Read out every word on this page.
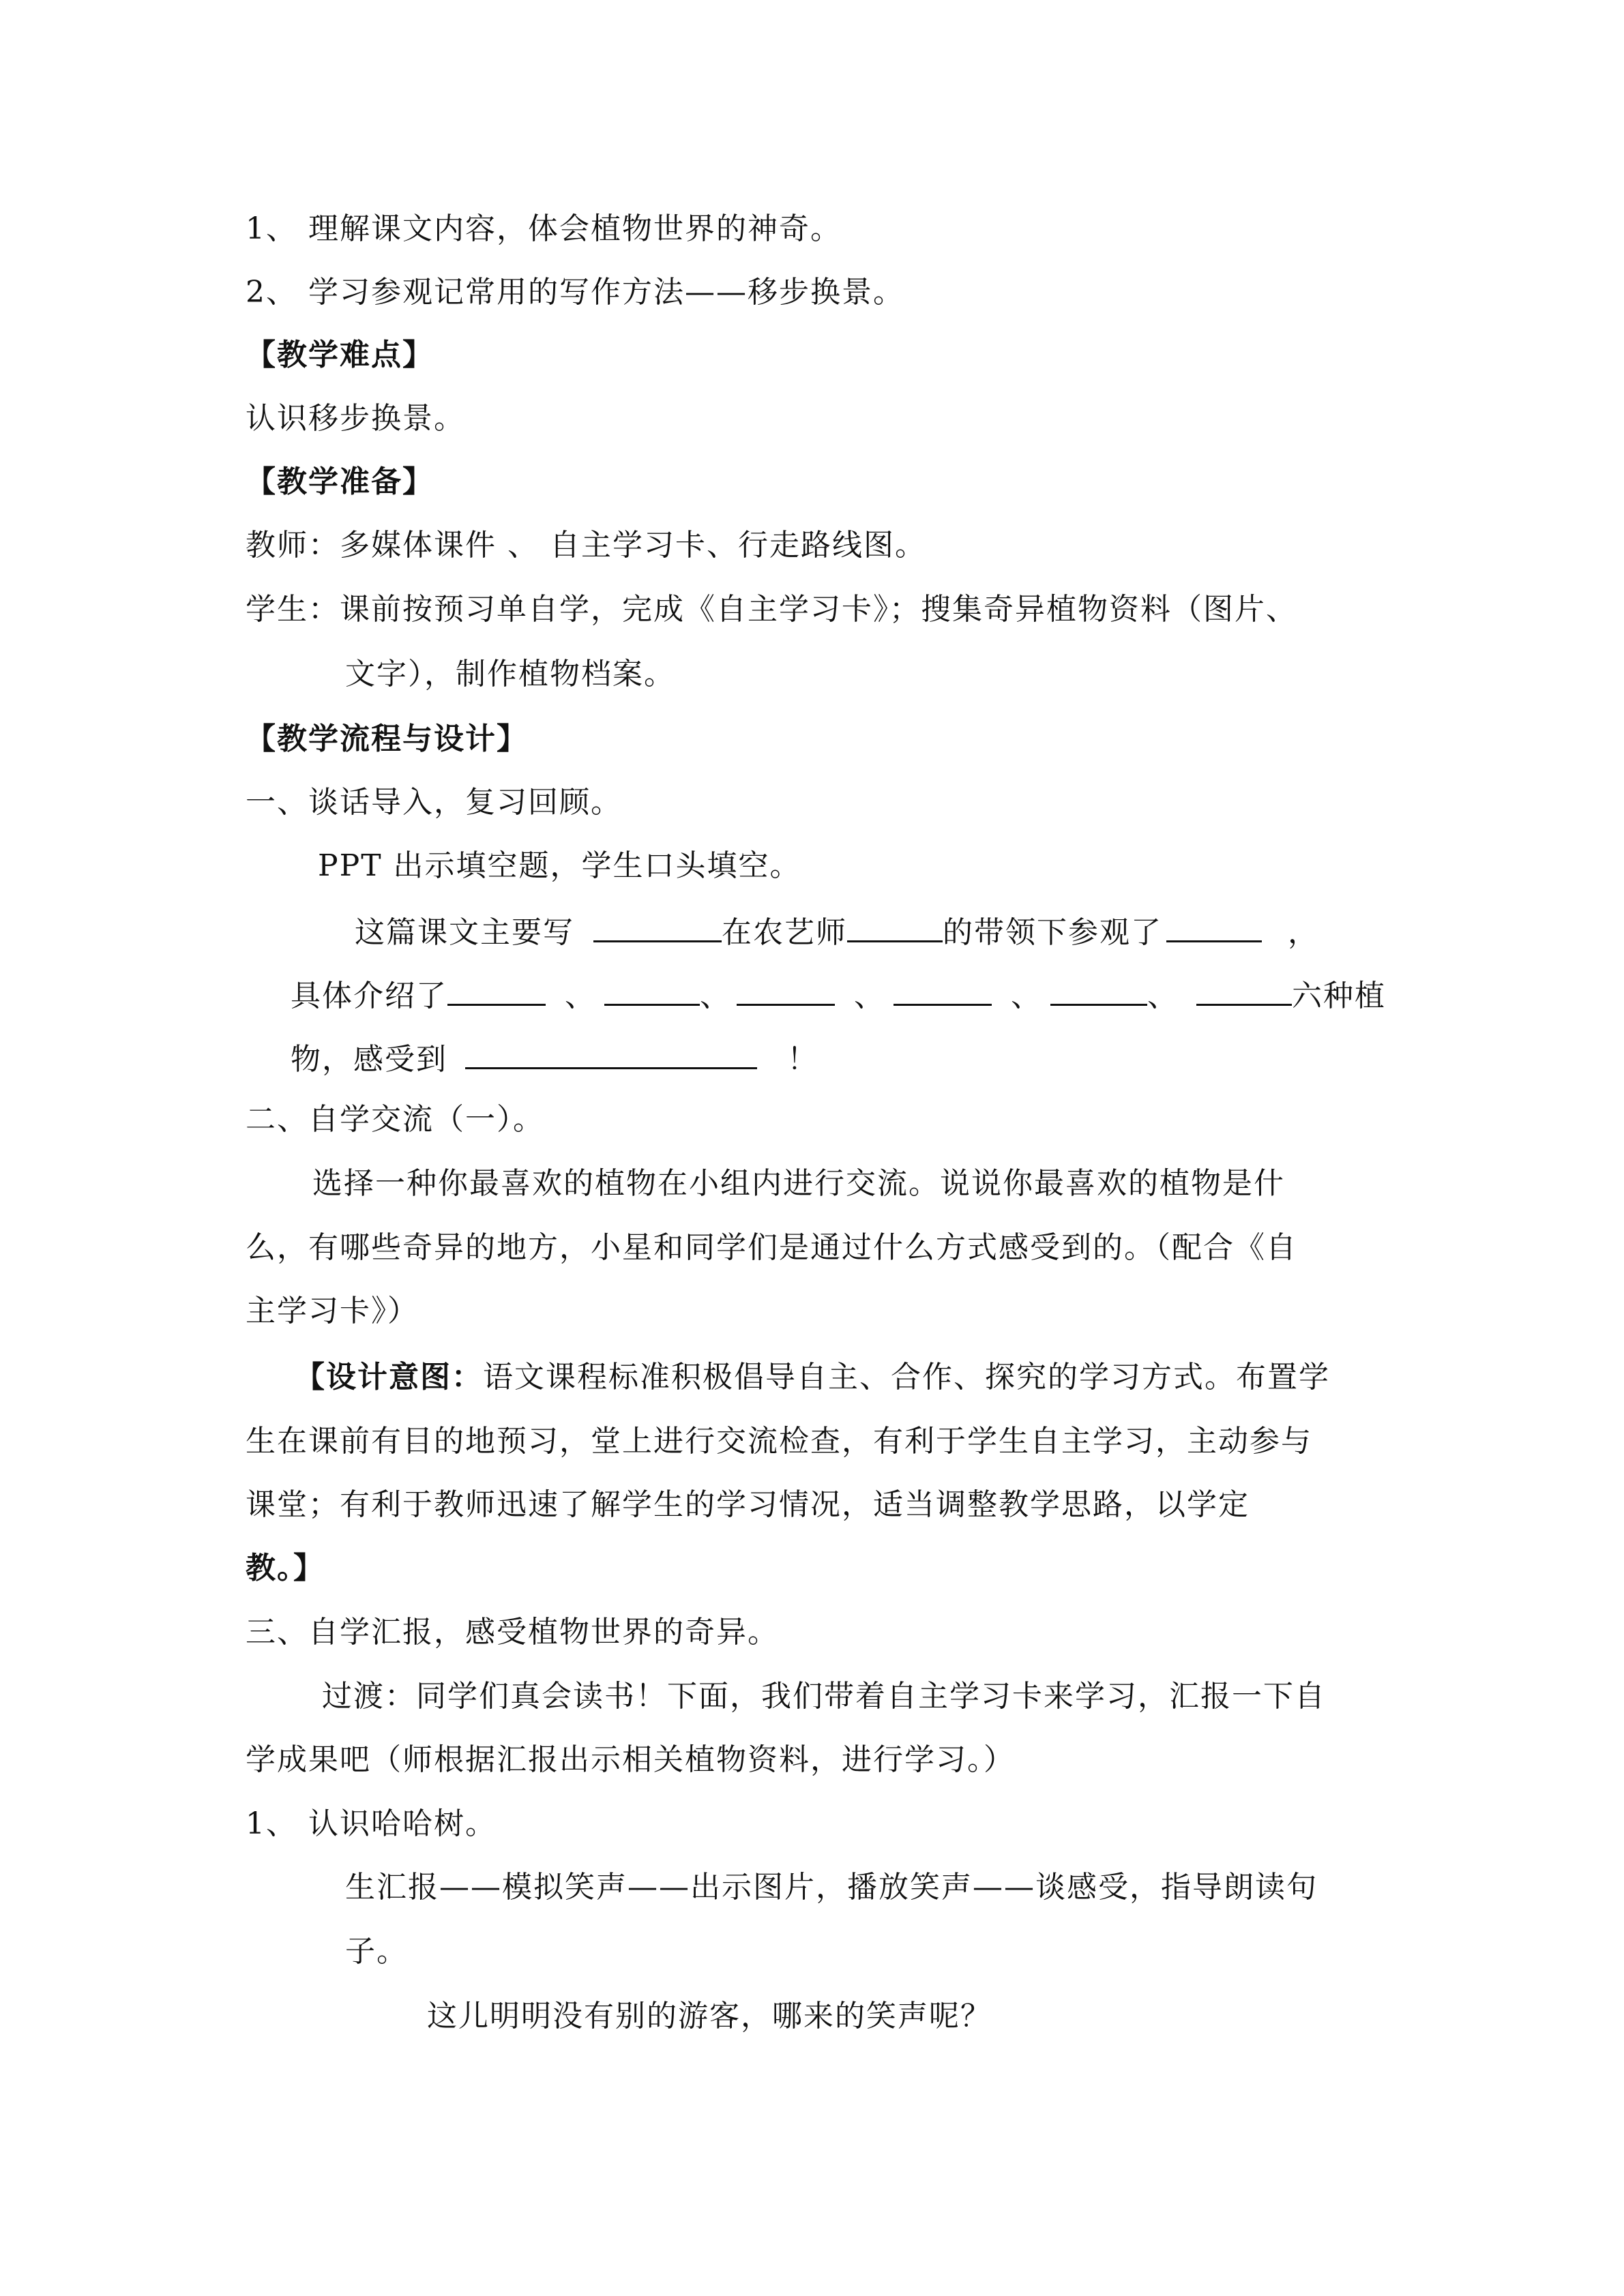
1、 理解课文内容，体会植物世界的神奇。
2、 学习参观记常用的写作方法——移步换景。
【教学难点】
认识移步换景。
【教学准备】
教师：多媒体课件 、 自主学习卡、行走路线图。
学生：课前按预习单自学，完成《自主学习卡》；搜集奇异植物资料（图片、
文字），制作植物档案。
【教学流程与设计】
一、谈话导入，复习回顾。
PPT 出示填空题，学生口头填空。
这篇课文主要写	在农艺师	的带领下参观了	，
具体介绍了	、	、	、	、	、	六种植
物，感受到	！
二、自学交流（一）。
选择一种你最喜欢的植物在小组内进行交流。说说你最喜欢的植物是什
么，有哪些奇异的地方，小星和同学们是通过什么方式感受到的。（配合《自
主学习卡》）
【设计意图：语文课程标准积极倡导自主、合作、探究的学习方式。布置学
生在课前有目的地预习，堂上进行交流检查，有利于学生自主学习，主动参与
课堂；有利于教师迅速了解学生的学习情况，适当调整教学思路，以学定
教。】
三、自学汇报，感受植物世界的奇异。
过渡：同学们真会读书！下面，我们带着自主学习卡来学习，汇报一下自
学成果吧（师根据汇报出示相关植物资料，进行学习。）
1、 认识哈哈树。
生汇报——模拟笑声——出示图片，播放笑声——谈感受，指导朗读句
子。
这儿明明没有别的游客，哪来的笑声呢？
